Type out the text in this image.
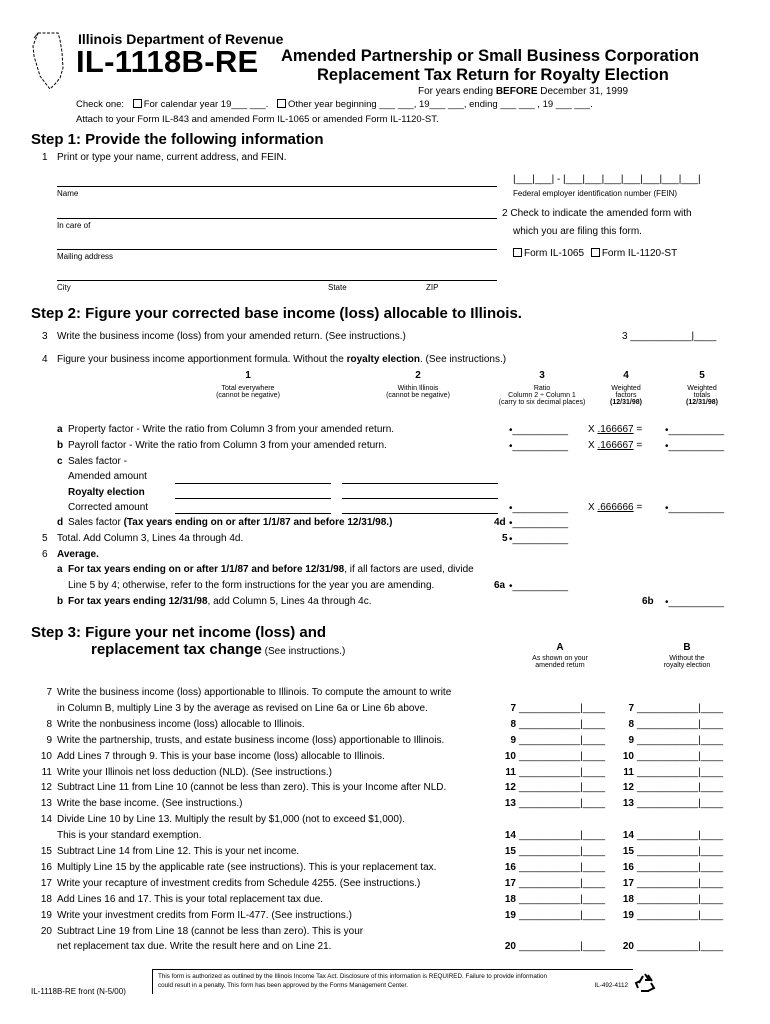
Illinois Department of Revenue
IL-1118B-RE Amended Partnership or Small Business Corporation
Replacement Tax Return for Royalty Election
For years ending BEFORE December 31, 1999
Check one: For calendar year 19___ ___. Other year beginning ___ ___, 19___ ___, ending ___ ___ , 19 ___ ___.
Attach to your Form IL-843 and amended Form IL-1065 or amended Form IL-1120-ST.
Step 1: Provide the following information
1 Print or type your name, current address, and FEIN.
Name
|___|___| - |___|___|___|___|___|___|___|
Federal employer identification number (FEIN)
In care of
2 Check to indicate the amended form with
which you are filing this form.
Mailing address	Form IL-1065 Form IL-1120-ST
City	State	ZIP
Step 2: Figure your corrected base income (loss) allocable to Illinois.
3 Write the business income (loss) from your amended return. (See instructions.)	3 ___________|____
4 Figure your business income apportionment formula. Without the royalty election. (See instructions.)
1	2	3	4	5
Total everywhere
(cannot be negative)
Within Illinois
(cannot be negative)
Ratio
Column 2 ÷ Column 1
(carry to six decimal places)
Weighted
factors
(12/31/98)
Weighted
totals
(12/31/98)
a Property factor - Write the ratio from Column 3 from your amended return.	•__________ X .166667 = •__________
b Payroll factor - Write the ratio from Column 3 from your amended return.	•__________ X .166667 = •__________
c Sales factor -
Amended amount
Royalty election
Corrected amount	•__________ X .666666 = •__________
d Sales factor (Tax years ending on or after 1/1/87 and before 12/31/98.)	4d •__________
5 Total. Add Column 3, Lines 4a through 4d.	5 •__________
6 Average.
a For tax years ending on or after 1/1/87 and before 12/31/98, if all factors are used, divide
Line 5 by 4; otherwise, refer to the form instructions for the year you are amending.	6a •__________
b For tax years ending 12/31/98, add Column 5, Lines 4a through 4c.	6b •__________
Step 3: Figure your net income (loss) and
replacement tax change (See instructions.)	A
As shown on your
amended return
B
Without the
royalty election
7 Write the business income (loss) apportionable to Illinois. To compute the amount to write
in Column B, multiply Line 3 by the average as revised on Line 6a or Line 6b above.	7 ___________|____ 7 ___________|____
8 Write the nonbusiness income (loss) allocable to Illinois.	8 ___________|____ 8 ___________|____
9 Write the partnership, trusts, and estate business income (loss) apportionable to Illinois.	9 ___________|____ 9 ___________|____
10 Add Lines 7 through 9. This is your base income (loss) allocable to Illinois.	10 ___________|____ 10 ___________|____
11 Write your Illinois net loss deduction (NLD). (See instructions.)	11 ___________|____ 11 ___________|____
12 Subtract Line 11 from Line 10 (cannot be less than zero). This is your Income after NLD.	12 ___________|____ 12 ___________|____
13 Write the base income. (See instructions.)	13 ___________|____ 13 ___________|____
14 Divide Line 10 by Line 13. Multiply the result by $1,000 (not to exceed $1,000).
This is your standard exemption.	14 ___________|____ 14 ___________|____
15 Subtract Line 14 from Line 12. This is your net income.	15 ___________|____ 15 ___________|____
16 Multiply Line 15 by the applicable rate (see instructions). This is your replacement tax.	16 ___________|____ 16 ___________|____
17 Write your recapture of investment credits from Schedule 4255. (See instructions.)	17 ___________|____ 17 ___________|____
18 Add Lines 16 and 17. This is your total replacement tax due.	18 ___________|____ 18 ___________|____
19 Write your investment credits from Form IL-477. (See instructions.)	19 ___________|____ 19 ___________|____
20 Subtract Line 19 from Line 18 (cannot be less than zero). This is your
net replacement tax due. Write the result here and on Line 21.	20 ___________|____ 20 ___________|____
IL-1118B-RE front (N-5/00)
This form is authorized as outlined by the Illinois Income Tax Act. Disclosure of this information is REQUIRED. Failure to provide information
could result in a penalty. This form has been approved by the Forms Management Center.	IL-492-4112
